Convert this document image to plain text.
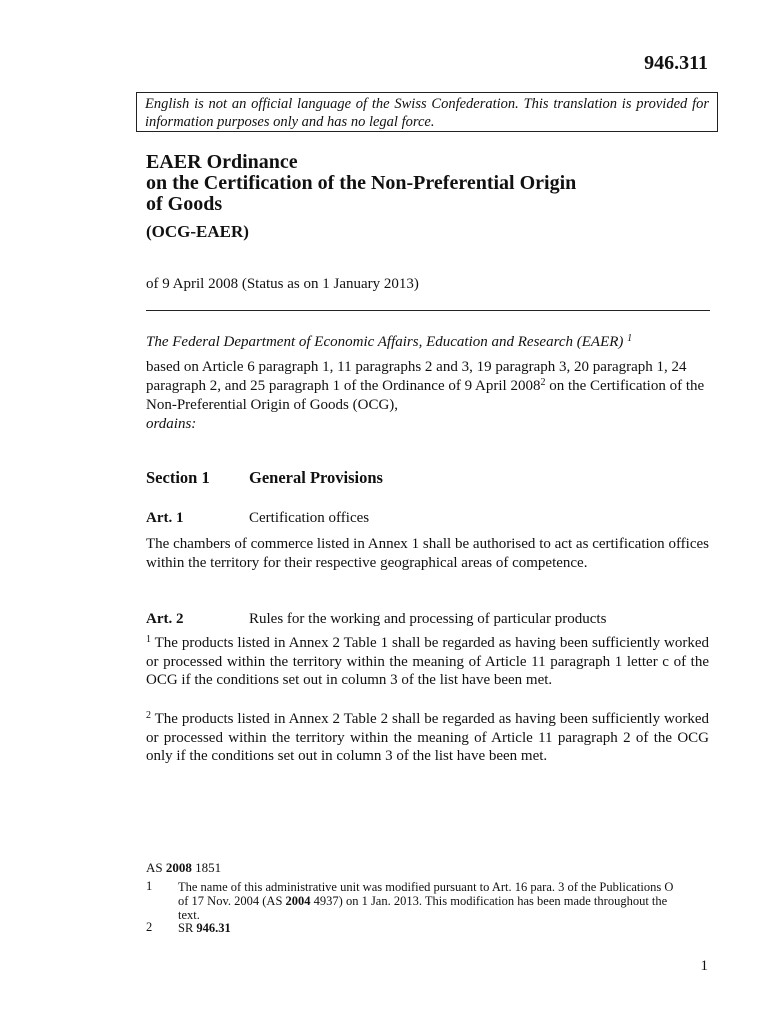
946.311
English is not an official language of the Swiss Confederation. This translation is provided for information purposes only and has no legal force.
EAER Ordinance
on the Certification of the Non-Preferential Origin
of Goods
(OCG-EAER)
of 9 April 2008 (Status as on 1 January 2013)
The Federal Department of Economic Affairs, Education and Research (EAER) $^1$
based on Article 6 paragraph 1, 11 paragraphs 2 and 3, 19 paragraph 3, 20 paragraph 1, 24 paragraph 2, and 25 paragraph 1 of the Ordinance of 9 April 2008$^2$ on the Certification of the Non-Preferential Origin of Goods (OCG),
ordains:
Section 1 General Provisions
Art. 1	Certification offices
The chambers of commerce listed in Annex 1 shall be authorised to act as certification offices within the territory for their respective geographical areas of competence.
Art. 2	Rules for the working and processing of particular products
$^1$ The products listed in Annex 2 Table 1 shall be regarded as having been sufficiently worked or processed within the territory within the meaning of Article 11 paragraph 1 letter c of the OCG if the conditions set out in column 3 of the list have been met.
$^2$ The products listed in Annex 2 Table 2 shall be regarded as having been sufficiently worked or processed within the territory within the meaning of Article 11 paragraph 2 of the OCG only if the conditions set out in column 3 of the list have been met.
AS 2008 1851
1 The name of this administrative unit was modified pursuant to Art. 16 para. 3 of the Publications O of 17 Nov. 2004 (AS 2004 4937) on 1 Jan. 2013. This modification has been made throughout the text.
2 SR 946.31
1
